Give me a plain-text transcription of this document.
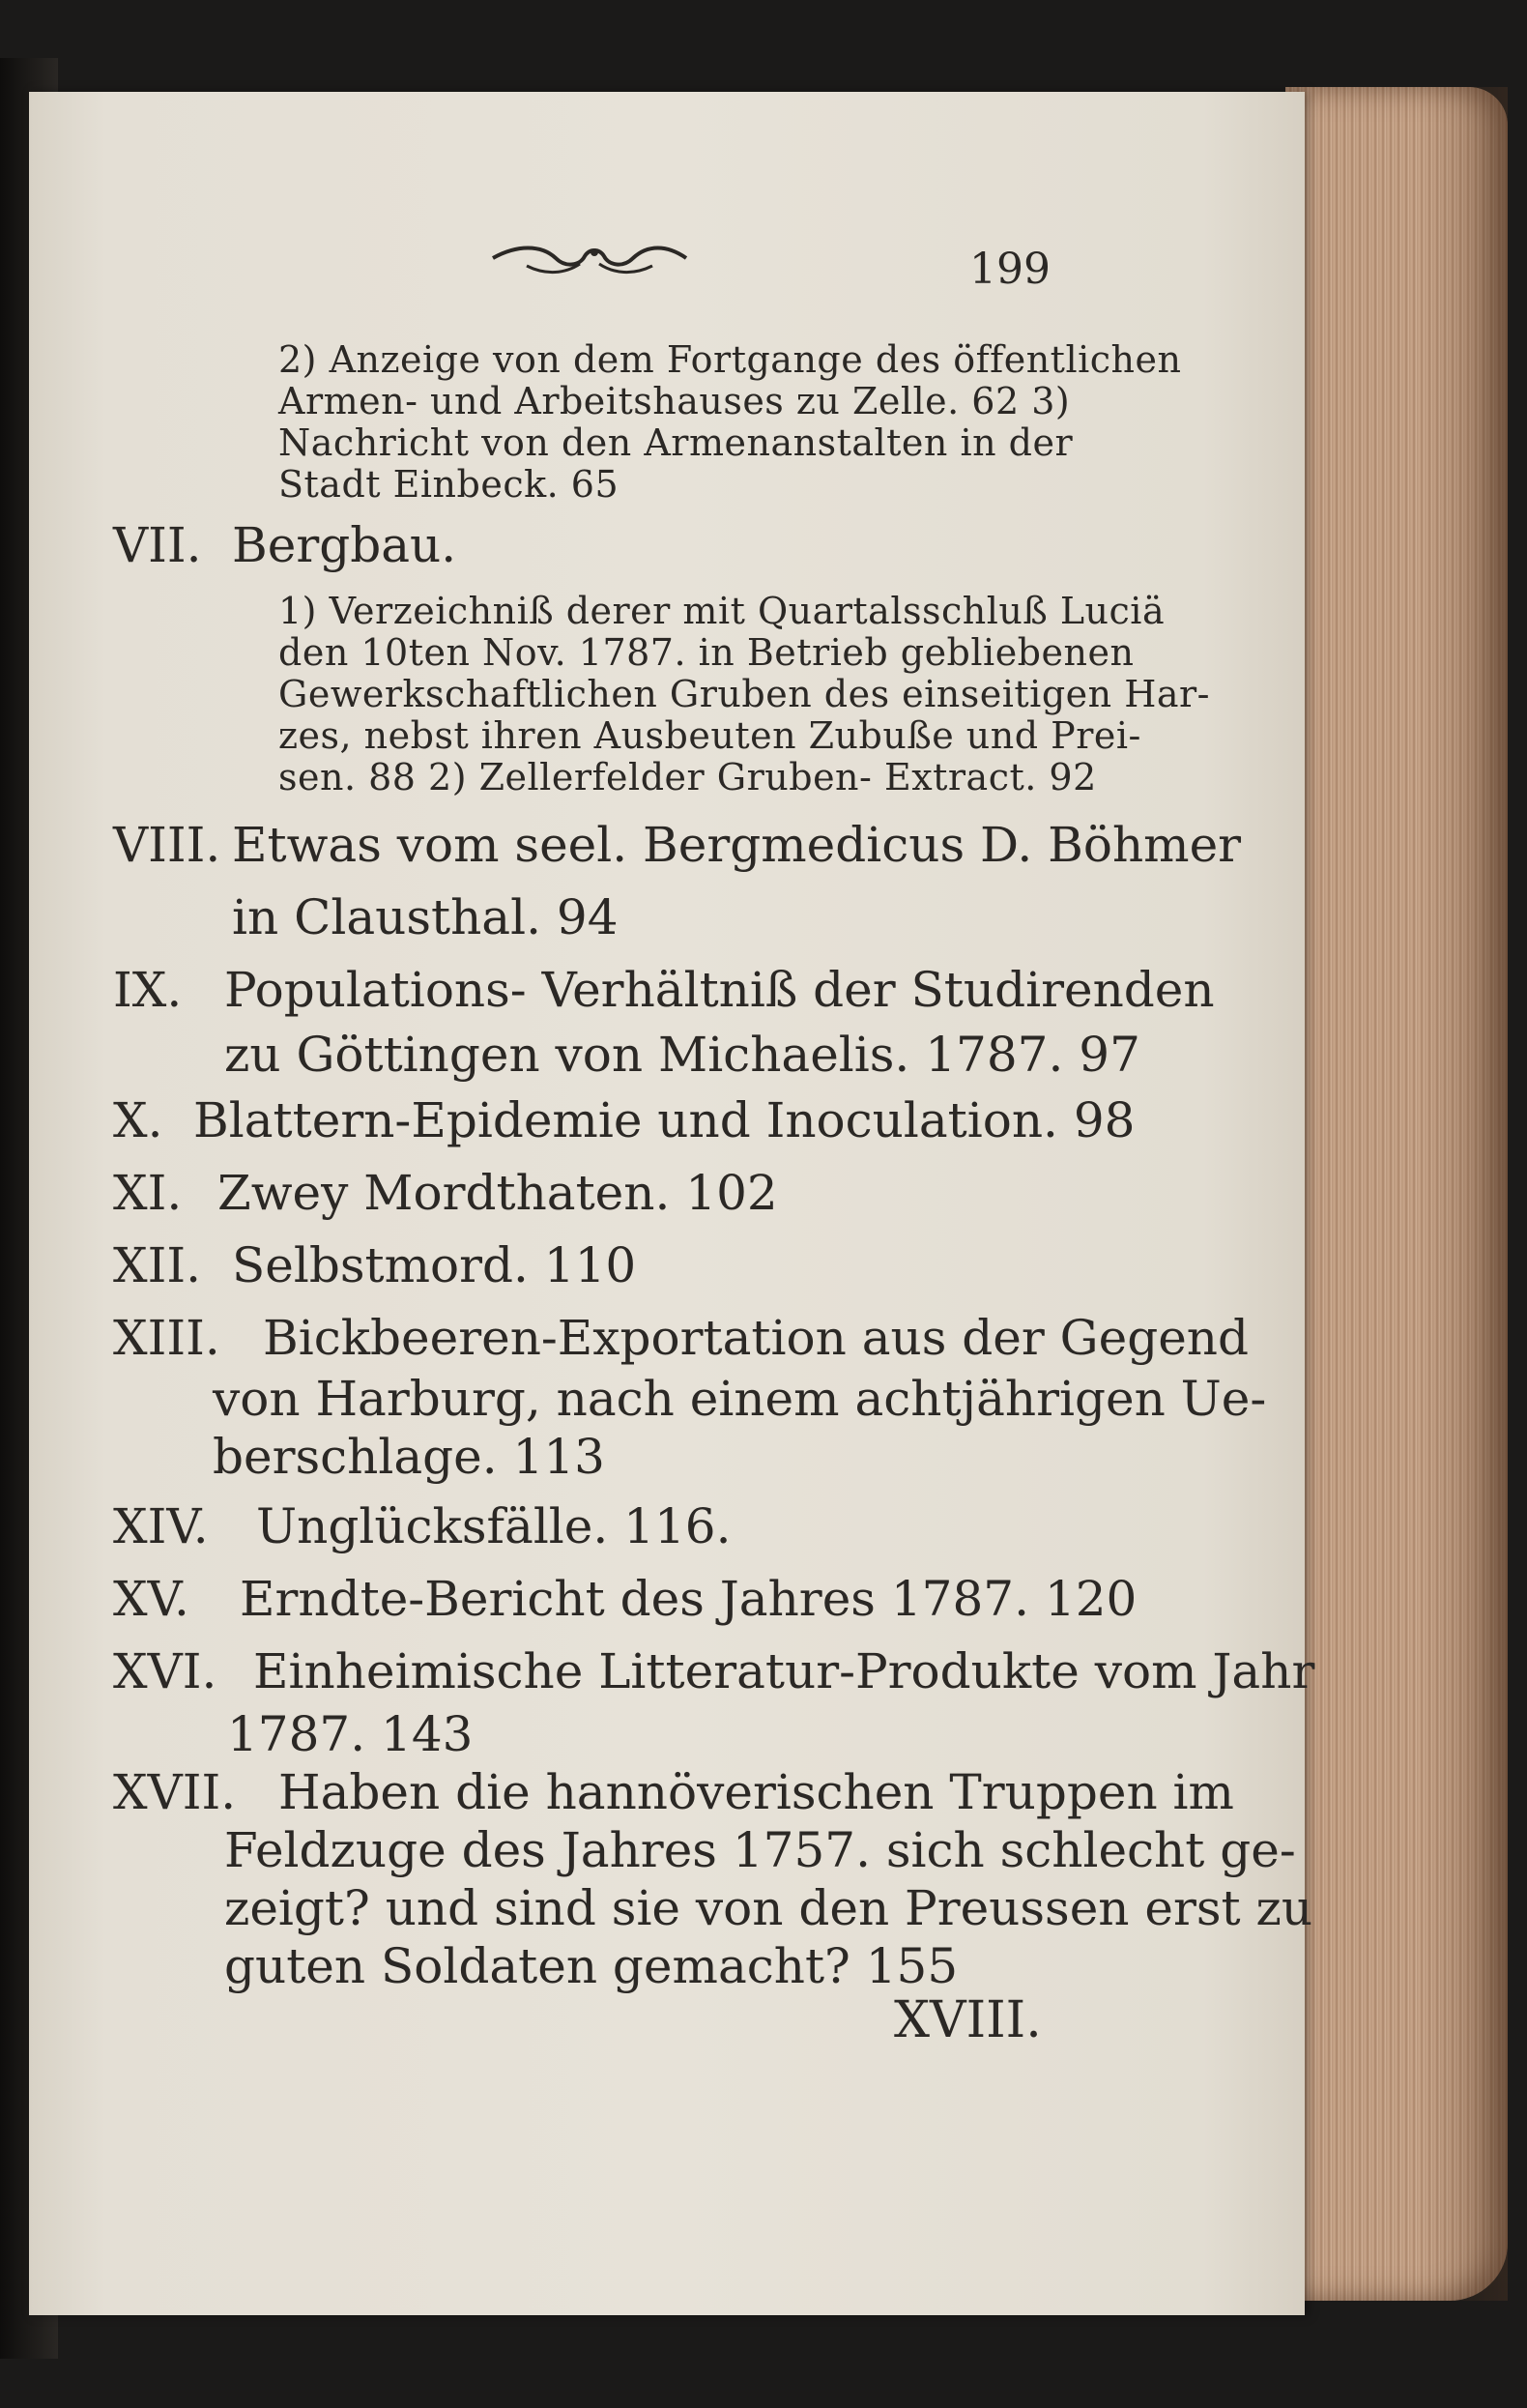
199
2) Anzeige von dem Fortgange des öffentlichen
Armen- und Arbeitshauses zu Zelle. 62 3)
Nachricht von den Armenanstalten in der
Stadt Einbeck. 65
VII. Bergbau.
1) Verzeichniß derer mit Quartalsschluß Luciä
den 10ten Nov. 1787. in Betrieb gebliebenen
Gewerkschaftlichen Gruben des einseitigen Har-
zes, nebst ihren Ausbeuten Zubuße und Prei-
sen. 88 2) Zellerfelder Gruben- Extract. 92
VIII. Etwas vom seel. Bergmedicus D. Böhmer
in Clausthal. 94
IX. Populations- Verhältniß der Studirenden
zu Göttingen von Michaelis. 1787. 97
X. Blattern-Epidemie und Inoculation. 98
XI. Zwey Mordthaten. 102
XII. Selbstmord. 110
XIII. Bickbeeren-Exportation aus der Gegend
von Harburg, nach einem achtjährigen Ue-
berschlage. 113
XIV. Unglücksfälle. 116.
XV. Erndte-Bericht des Jahres 1787. 120
XVI. Einheimische Litteratur-Produkte vom Jahr
1787. 143
XVII. Haben die hannöverischen Truppen im
Feldzuge des Jahres 1757. sich schlecht ge-
zeigt? und sind sie von den Preussen erst zu
guten Soldaten gemacht? 155
XVIII.
